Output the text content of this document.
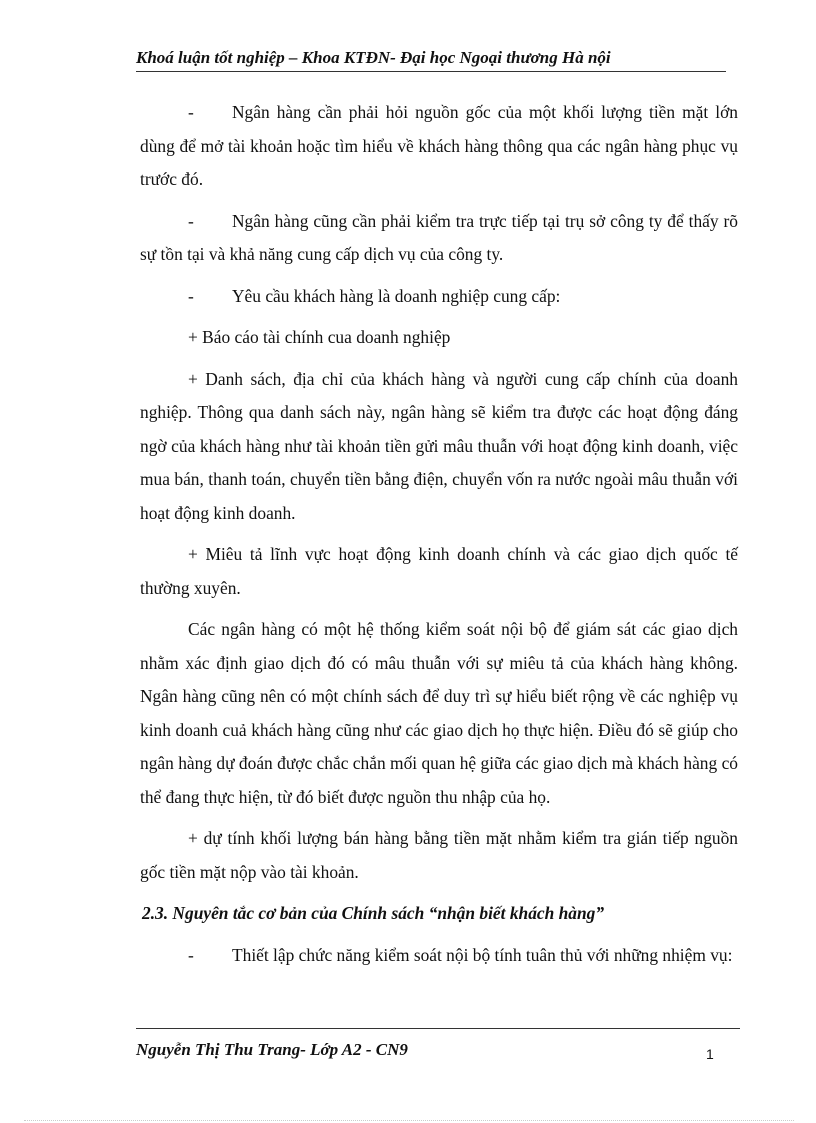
Khoá luận tốt nghiệp – Khoa KTĐN- Đại học Ngoại thương Hà nội

- Ngân hàng cần phải hỏi nguồn gốc của một khối lượng tiền mặt lớn dùng để mở tài khoản hoặc tìm hiểu về khách hàng thông qua các ngân hàng phục vụ trước đó.

- Ngân hàng cũng cần phải kiểm tra trực tiếp tại trụ sở công ty để thấy rõ sự tồn tại và khả năng cung cấp dịch vụ của công ty.

- Yêu cầu khách hàng là doanh nghiệp cung cấp:

+ Báo cáo tài chính cua doanh nghiệp

+ Danh sách, địa chỉ của khách hàng và người cung cấp chính của doanh nghiệp. Thông qua danh sách này, ngân hàng sẽ kiểm tra được các hoạt động đáng ngờ của khách hàng như tài khoản tiền gửi mâu thuẫn với hoạt động kinh doanh, việc mua bán, thanh toán, chuyển tiền bằng điện, chuyển vốn ra nước ngoài mâu thuẫn với hoạt động kinh doanh.

+ Miêu tả lĩnh vực hoạt động kinh doanh chính và các giao dịch quốc tế thường xuyên.

Các ngân hàng có một hệ thống kiểm soát nội bộ để giám sát các giao dịch nhằm xác định giao dịch đó có mâu thuẫn với sự miêu tả của khách hàng không. Ngân hàng cũng nên có một chính sách để duy trì sự hiểu biết rộng về các nghiệp vụ kinh doanh cuả khách hàng cũng như các giao dịch họ thực hiện. Điều đó sẽ giúp cho ngân hàng dự đoán được chắc chắn mối quan hệ giữa các giao dịch mà khách hàng có thể đang thực hiện, từ đó biết được nguồn thu nhập của họ.

+ dự tính khối lượng bán hàng bằng tiền mặt nhằm kiểm tra gián tiếp nguồn gốc tiền mặt nộp vào tài khoản.

2.3. Nguyên tắc cơ bản của Chính sách “nhận biết khách hàng”

- Thiết lập chức năng kiểm soát nội bộ tính tuân thủ với những nhiệm vụ:

Nguyễn Thị Thu Trang- Lớp A2 - CN9	1
